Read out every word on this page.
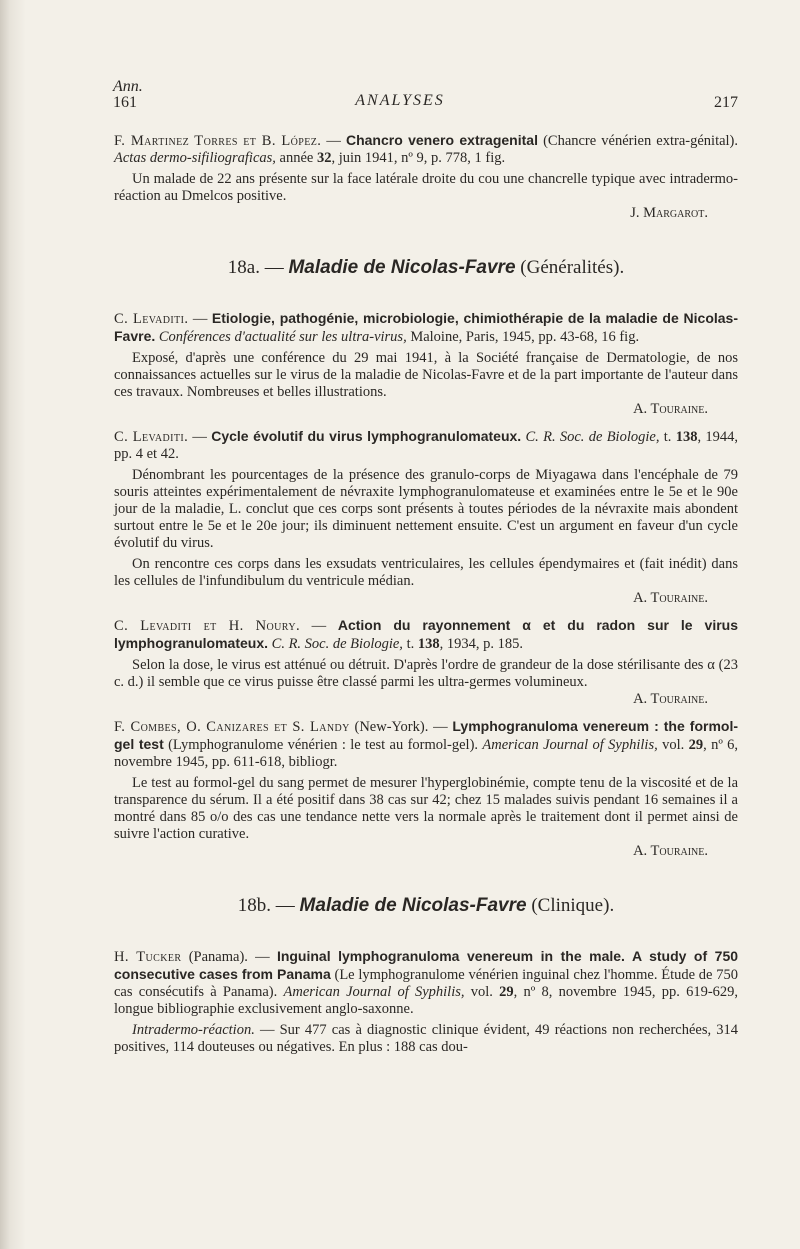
Ann.
161	ANALYSES	217

F. Martinez Torres et B. López. — Chancro venero extragenital (Chancre vénérien extra-génital). Actas dermo-sifiliograficas, année 32, juin 1941, nº 9, p. 778, 1 fig.

Un malade de 22 ans présente sur la face latérale droite du cou une chancrelle typique avec intradermo-réaction au Dmelcos positive.

J. Margarot.

18a. — Maladie de Nicolas-Favre (Généralités).

C. Levaditi. — Etiologie, pathogénie, microbiologie, chimiothérapie de la maladie de Nicolas-Favre. Conférences d'actualité sur les ultra-virus, Maloine, Paris, 1945, pp. 43-68, 16 fig.

Exposé, d'après une conférence du 29 mai 1941, à la Société française de Dermatologie, de nos connaissances actuelles sur le virus de la maladie de Nicolas-Favre et de la part importante de l'auteur dans ces travaux. Nombreuses et belles illustrations.

A. Touraine.

C. Levaditi. — Cycle évolutif du virus lymphogranulomateux. C. R. Soc. de Biologie, t. 138, 1944, pp. 4 et 42.

Dénombrant les pourcentages de la présence des granulo-corps de Miyagawa dans l'encéphale de 79 souris atteintes expérimentalement de névraxite lymphogranulomateuse et examinées entre le 5e et le 90e jour de la maladie, L. conclut que ces corps sont présents à toutes périodes de la névraxite mais abondent surtout entre le 5e et le 20e jour; ils diminuent nettement ensuite. C'est un argument en faveur d'un cycle évolutif du virus.

On rencontre ces corps dans les exsudats ventriculaires, les cellules épendymaires et (fait inédit) dans les cellules de l'infundibulum du ventricule médian.

A. Touraine.

C. Levaditi et H. Noury. — Action du rayonnement α et du radon sur le virus lymphogranulomateux. C. R. Soc. de Biologie, t. 138, 1934, p. 185.

Selon la dose, le virus est atténué ou détruit. D'après l'ordre de grandeur de la dose stérilisante des α (23 c. d.) il semble que ce virus puisse être classé parmi les ultra-germes volumineux.

A. Touraine.

F. Combes, O. Canizares et S. Landy (New-York). — Lymphogranuloma venereum : the formol-gel test (Lymphogranulome vénérien : le test au formol-gel). American Journal of Syphilis, vol. 29, nº 6, novembre 1945, pp. 611-618, bibliogr.

Le test au formol-gel du sang permet de mesurer l'hyperglobinémie, compte tenu de la viscosité et de la transparence du sérum. Il a été positif dans 38 cas sur 42; chez 15 malades suivis pendant 16 semaines il a montré dans 85 o/o des cas une tendance nette vers la normale après le traitement dont il permet ainsi de suivre l'action curative.

A. Touraine.

18b. — Maladie de Nicolas-Favre (Clinique).

H. Tucker (Panama). — Inguinal lymphogranuloma venereum in the male. A study of 750 consecutive cases from Panama (Le lymphogranulome vénérien inguinal chez l'homme. Étude de 750 cas consécutifs à Panama). American Journal of Syphilis, vol. 29, nº 8, novembre 1945, pp. 619-629, longue bibliographie exclusivement anglo-saxonne.

Intradermo-réaction. — Sur 477 cas à diagnostic clinique évident, 49 réactions non recherchées, 314 positives, 114 douteuses ou négatives. En plus : 188 cas dou-
